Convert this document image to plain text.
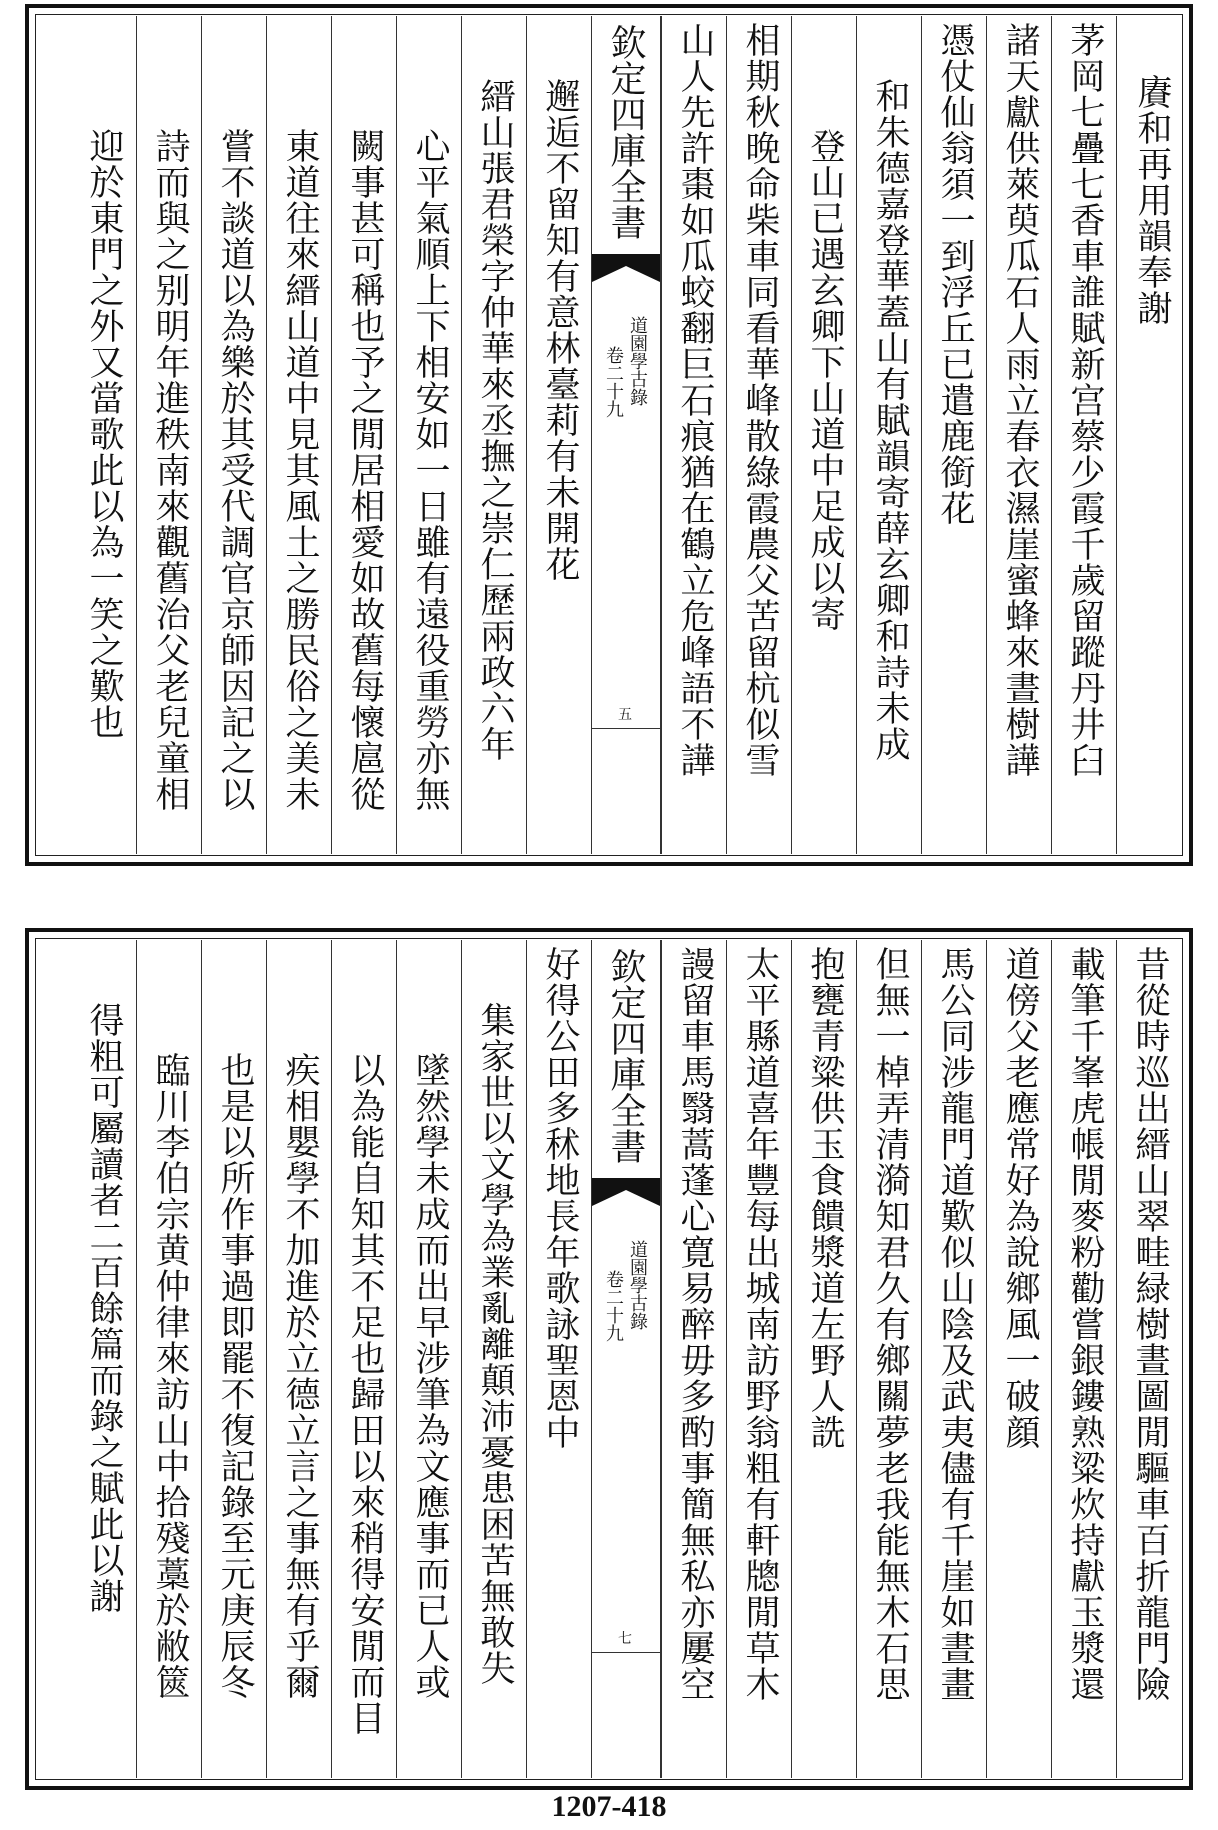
賡和再用韻奉謝
茅岡七疊七香車誰賦新宫蔡少霞千歲留蹤丹井臼
諸天獻供萊萸瓜石人雨立春衣濕崖蜜蜂來晝樹譁
憑仗仙翁須一到浮丘已遣鹿銜花
和朱德嘉登華蓋山有賦韻寄薛玄卿和詩未成
登山已遇玄卿下山道中足成以寄
相期秋晚命柴車同看華峰散綠霞農父苦留杭似雪
山人先許棗如瓜蛟翻巨石痕猶在鶴立危峰語不譁
欽定四庫全書
道園學古錄
卷二十九
五
邂逅不留知有意林臺莉有未開花
縉山張君榮字仲華來丞撫之崇仁歷兩政六年
心平氣順上下相安如一日雖有遠役重勞亦無
闕事甚可稱也予之閒居相愛如故舊每懷扈從
東道往來縉山道中見其風土之勝民俗之美未
嘗不談道以為樂於其受代調官京師因記之以
詩而與之别明年進秩南來觀舊治父老兒童相
迎於東門之外又當歌此以為一笑之歎也
昔從時巡出縉山翠畦緑樹晝圖閒驅車百折龍門險
載筆千峯虎帳閒麥粉勸嘗銀鏤熟粱炊持獻玉漿還
道傍父老應常好為說鄉風一破顔
馬公同涉龍門道歎似山陰及武夷儘有千崖如晝畫
但無一棹弄清漪知君久有鄉關夢老我能無木石思
抱甕青粱供玉食饋漿道左野人詵
太平縣道喜年豐每出城南訪野翁粗有軒牕閒草木
謾留車馬翳蒿蓬心寛易醉毋多酌事簡無私亦屢空
欽定四庫全書
道園學古錄
卷二十九
七
好得公田多秫地長年歌詠聖恩中
集家世以文學為業亂離顛沛憂患困苦無敢失
墜然學未成而出早涉筆為文應事而已人或
以為能自知其不足也歸田以來稍得安閒而目
疾相嬰學不加進於立德立言之事無有乎爾
也是以所作事過即罷不復記錄至元庚辰冬
臨川李伯宗黄仲律來訪山中拾殘藁於敝篋
得粗可屬讀者二百餘篇而錄之賦此以謝
1207-418
